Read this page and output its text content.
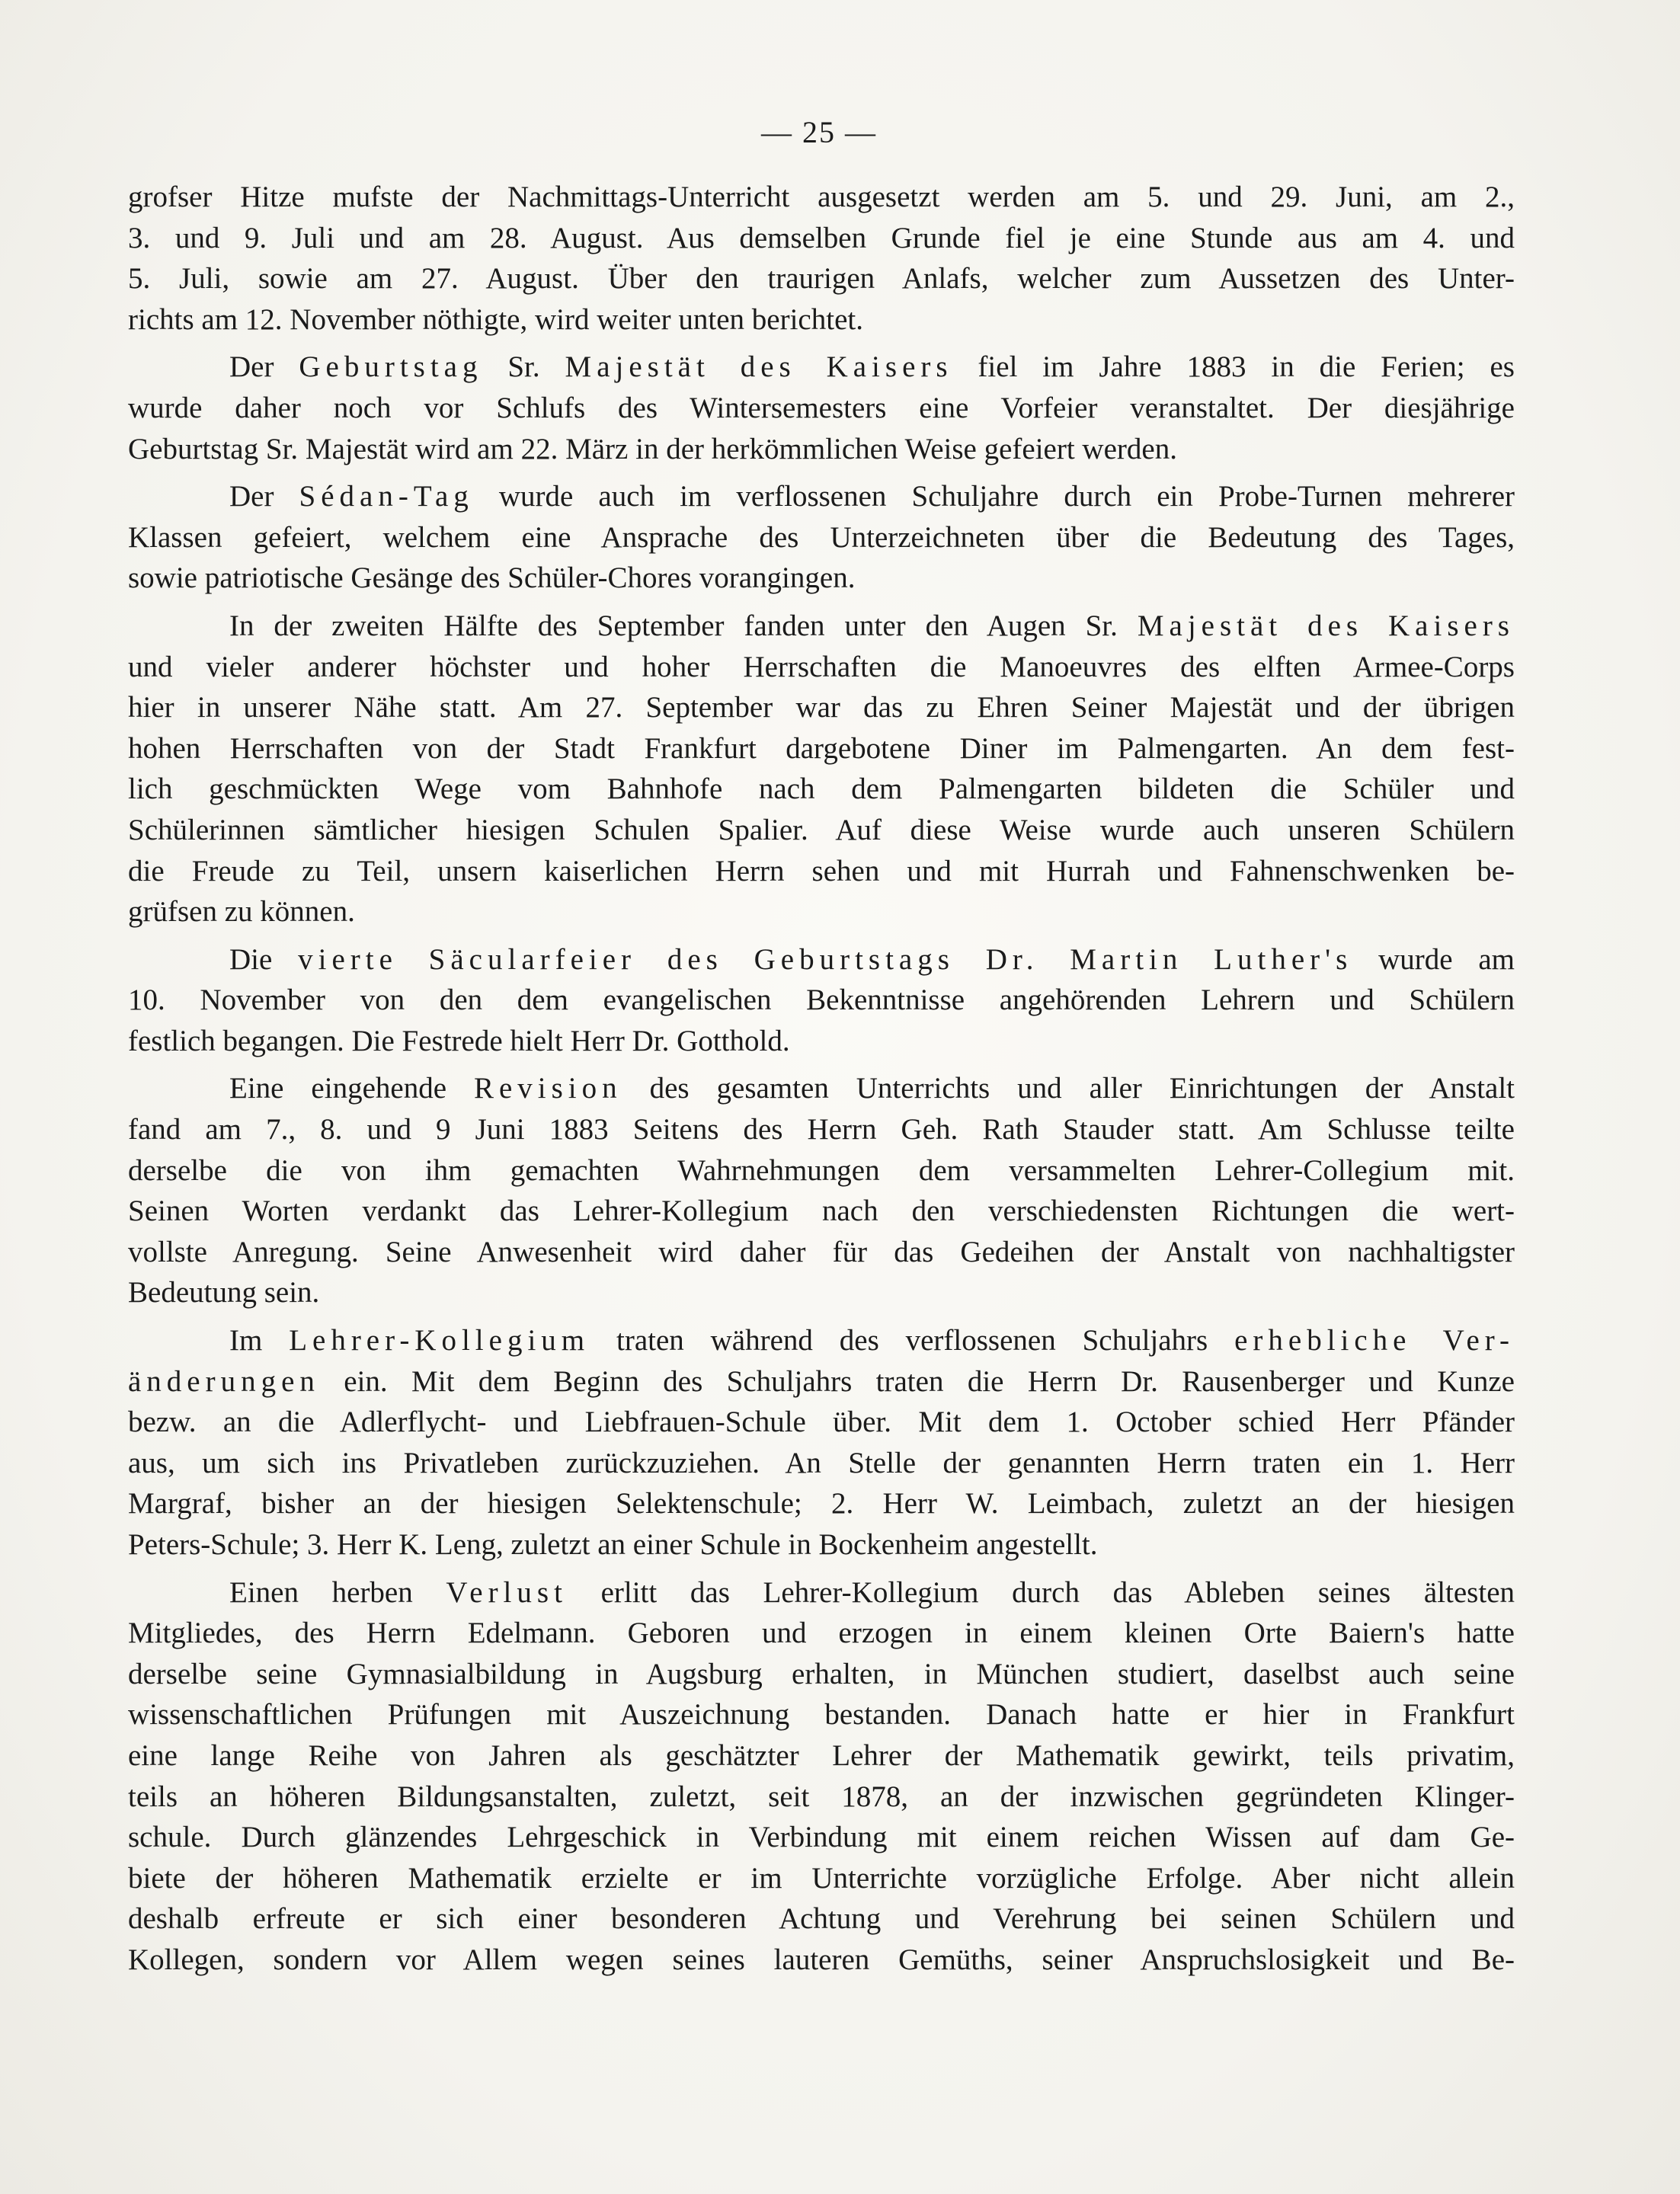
— 25 —
grofser Hitze mufste der Nachmittags-Unterricht ausgesetzt werden am 5. und 29. Juni, am 2.,
3. und 9. Juli und am 28. August. Aus demselben Grunde fiel je eine Stunde aus am 4. und
5. Juli, sowie am 27. August. Über den traurigen Anlafs, welcher zum Aussetzen des Unter-
richts am 12. November nöthigte, wird weiter unten berichtet.
Der Geburtstag Sr. Majestät des Kaisers fiel im Jahre 1883 in die Ferien; es
wurde daher noch vor Schlufs des Wintersemesters eine Vorfeier veranstaltet. Der diesjährige
Geburtstag Sr. Majestät wird am 22. März in der herkömmlichen Weise gefeiert werden.
Der Sédan-Tag wurde auch im verflossenen Schuljahre durch ein Probe-Turnen mehrerer
Klassen gefeiert, welchem eine Ansprache des Unterzeichneten über die Bedeutung des Tages,
sowie patriotische Gesänge des Schüler-Chores vorangingen.
In der zweiten Hälfte des September fanden unter den Augen Sr. Majestät des Kaisers
und vieler anderer höchster und hoher Herrschaften die Manoeuvres des elften Armee-Corps
hier in unserer Nähe statt. Am 27. September war das zu Ehren Seiner Majestät und der übrigen
hohen Herrschaften von der Stadt Frankfurt dargebotene Diner im Palmengarten. An dem fest-
lich geschmückten Wege vom Bahnhofe nach dem Palmengarten bildeten die Schüler und
Schülerinnen sämtlicher hiesigen Schulen Spalier. Auf diese Weise wurde auch unseren Schülern
die Freude zu Teil, unsern kaiserlichen Herrn sehen und mit Hurrah und Fahnenschwenken be-
grüfsen zu können.
Die vierte Säcularfeier des Geburtstags Dr. Martin Luther's wurde am
10. November von den dem evangelischen Bekenntnisse angehörenden Lehrern und Schülern
festlich begangen. Die Festrede hielt Herr Dr. Gotthold.
Eine eingehende Revision des gesamten Unterrichts und aller Einrichtungen der Anstalt
fand am 7., 8. und 9 Juni 1883 Seitens des Herrn Geh. Rath Stauder statt. Am Schlusse teilte
derselbe die von ihm gemachten Wahrnehmungen dem versammelten Lehrer-Collegium mit.
Seinen Worten verdankt das Lehrer-Kollegium nach den verschiedensten Richtungen die wert-
vollste Anregung. Seine Anwesenheit wird daher für das Gedeihen der Anstalt von nachhaltigster
Bedeutung sein.
Im Lehrer-Kollegium traten während des verflossenen Schuljahrs erhebliche Ver-
änderungen ein. Mit dem Beginn des Schuljahrs traten die Herrn Dr. Rausenberger und Kunze
bezw. an die Adlerflycht- und Liebfrauen-Schule über. Mit dem 1. October schied Herr Pfänder
aus, um sich ins Privatleben zurückzuziehen. An Stelle der genannten Herrn traten ein 1. Herr
Margraf, bisher an der hiesigen Selektenschule; 2. Herr W. Leimbach, zuletzt an der hiesigen
Peters-Schule; 3. Herr K. Leng, zuletzt an einer Schule in Bockenheim angestellt.
Einen herben Verlust erlitt das Lehrer-Kollegium durch das Ableben seines ältesten
Mitgliedes, des Herrn Edelmann. Geboren und erzogen in einem kleinen Orte Baiern's hatte
derselbe seine Gymnasialbildung in Augsburg erhalten, in München studiert, daselbst auch seine
wissenschaftlichen Prüfungen mit Auszeichnung bestanden. Danach hatte er hier in Frankfurt
eine lange Reihe von Jahren als geschätzter Lehrer der Mathematik gewirkt, teils privatim,
teils an höheren Bildungsanstalten, zuletzt, seit 1878, an der inzwischen gegründeten Klinger-
schule. Durch glänzendes Lehrgeschick in Verbindung mit einem reichen Wissen auf dam Ge-
biete der höheren Mathematik erzielte er im Unterrichte vorzügliche Erfolge. Aber nicht allein
deshalb erfreute er sich einer besonderen Achtung und Verehrung bei seinen Schülern und
Kollegen, sondern vor Allem wegen seines lauteren Gemüths, seiner Anspruchslosigkeit und Be-
